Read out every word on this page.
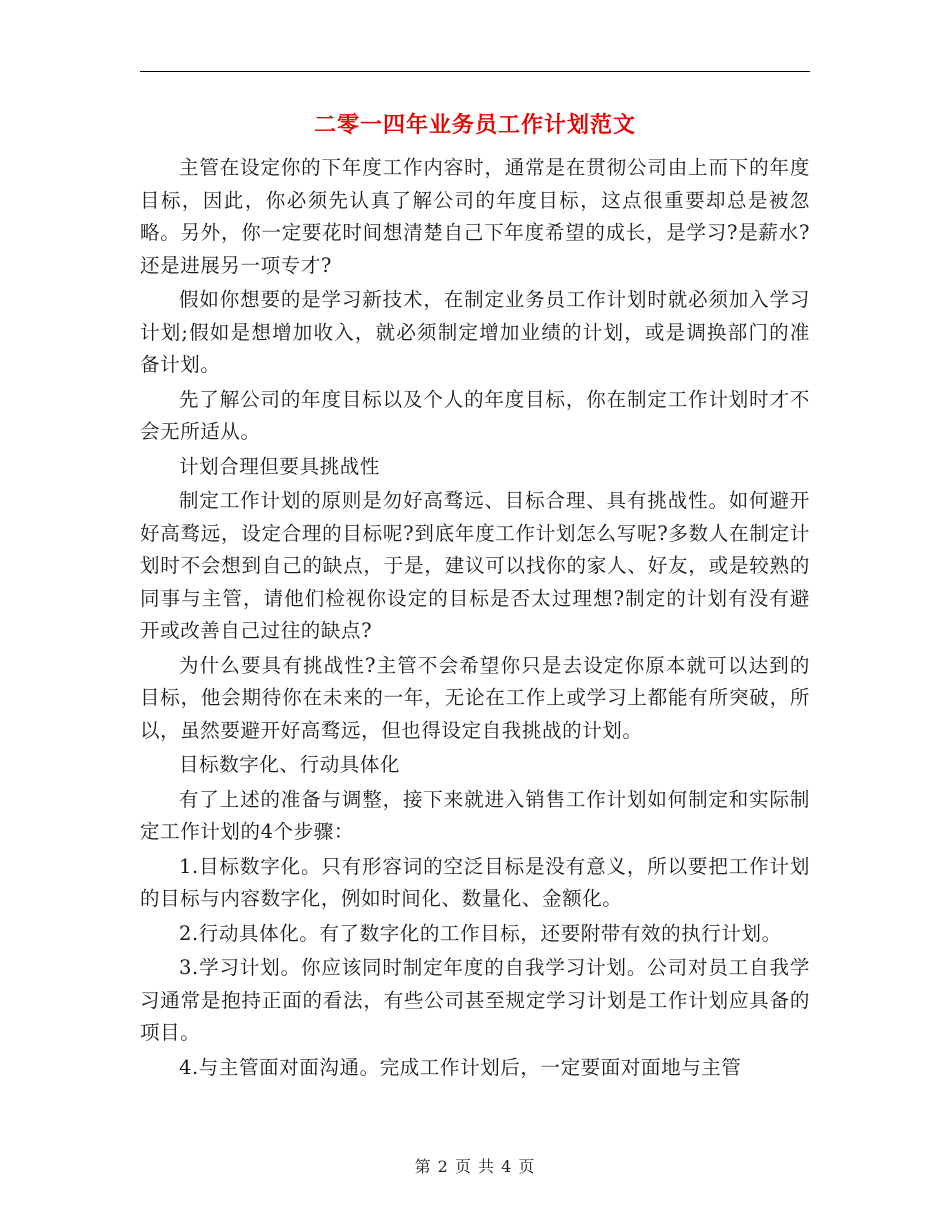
二零一四年业务员工作计划范文

主管在设定你的下年度工作内容时，通常是在贯彻公司由上而下的年度目标，因此，你必须先认真了解公司的年度目标，这点很重要却总是被忽略。另外，你一定要花时间想清楚自己下年度希望的成长，是学习?是薪水?还是进展另一项专才?

假如你想要的是学习新技术，在制定业务员工作计划时就必须加入学习计划;假如是想增加收入，就必须制定增加业绩的计划，或是调换部门的准备计划。

先了解公司的年度目标以及个人的年度目标，你在制定工作计划时才不会无所适从。

计划合理但要具挑战性

制定工作计划的原则是勿好高骛远、目标合理、具有挑战性。如何避开好高骛远，设定合理的目标呢?到底年度工作计划怎么写呢?多数人在制定计划时不会想到自己的缺点，于是，建议可以找你的家人、好友，或是较熟的同事与主管，请他们检视你设定的目标是否太过理想?制定的计划有没有避开或改善自己过往的缺点?

为什么要具有挑战性?主管不会希望你只是去设定你原本就可以达到的目标，他会期待你在未来的一年，无论在工作上或学习上都能有所突破，所以，虽然要避开好高骛远，但也得设定自我挑战的计划。

目标数字化、行动具体化

有了上述的准备与调整，接下来就进入销售工作计划如何制定和实际制定工作计划的4个步骤：

1.目标数字化。只有形容词的空泛目标是没有意义，所以要把工作计划的目标与内容数字化，例如时间化、数量化、金额化。

2.行动具体化。有了数字化的工作目标，还要附带有效的执行计划。

3.学习计划。你应该同时制定年度的自我学习计划。公司对员工自我学习通常是抱持正面的看法，有些公司甚至规定学习计划是工作计划应具备的项目。

4.与主管面对面沟通。完成工作计划后，一定要面对面地与主管

第 2 页 共 4 页
